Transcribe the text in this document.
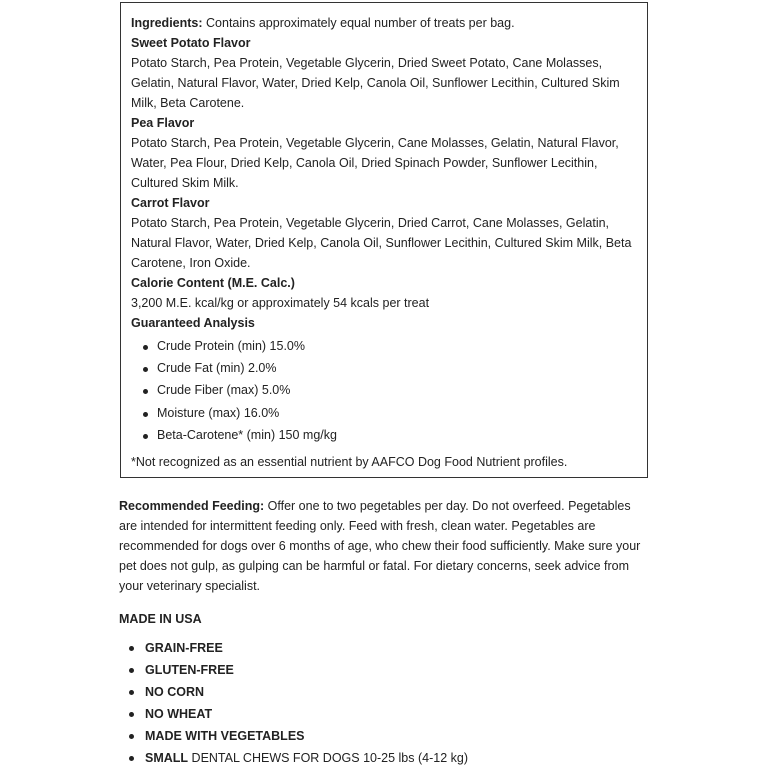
Ingredients: Contains approximately equal number of treats per bag.
Sweet Potato Flavor
Potato Starch, Pea Protein, Vegetable Glycerin, Dried Sweet Potato, Cane Molasses,
Gelatin, Natural Flavor, Water, Dried Kelp, Canola Oil, Sunflower Lecithin, Cultured Skim
Milk, Beta Carotene.
Pea Flavor
Potato Starch, Pea Protein, Vegetable Glycerin, Cane Molasses, Gelatin, Natural Flavor,
Water, Pea Flour, Dried Kelp, Canola Oil, Dried Spinach Powder, Sunflower Lecithin,
Cultured Skim Milk.
Carrot Flavor
Potato Starch, Pea Protein, Vegetable Glycerin, Dried Carrot, Cane Molasses, Gelatin,
Natural Flavor, Water, Dried Kelp, Canola Oil, Sunflower Lecithin, Cultured Skim Milk, Beta
Carotene, Iron Oxide.
Calorie Content (M.E. Calc.)
3,200 M.E. kcal/kg or approximately 54 kcals per treat
Guaranteed Analysis
Crude Protein (min) 15.0%
Crude Fat (min) 2.0%
Crude Fiber (max) 5.0%
Moisture (max) 16.0%
Beta-Carotene* (min) 150 mg/kg
*Not recognized as an essential nutrient by AAFCO Dog Food Nutrient profiles.
Recommended Feeding: Offer one to two pegetables per day. Do not overfeed. Pegetables
are intended for intermittent feeding only. Feed with fresh, clean water. Pegetables are
recommended for dogs over 6 months of age, who chew their food sufficiently. Make sure your
pet does not gulp, as gulping can be harmful or fatal. For dietary concerns, seek advice from
your veterinary specialist.
MADE IN USA
GRAIN-FREE
GLUTEN-FREE
NO CORN
NO WHEAT
MADE WITH VEGETABLES
SMALL DENTAL CHEWS FOR DOGS 10-25 lbs (4-12 kg)
